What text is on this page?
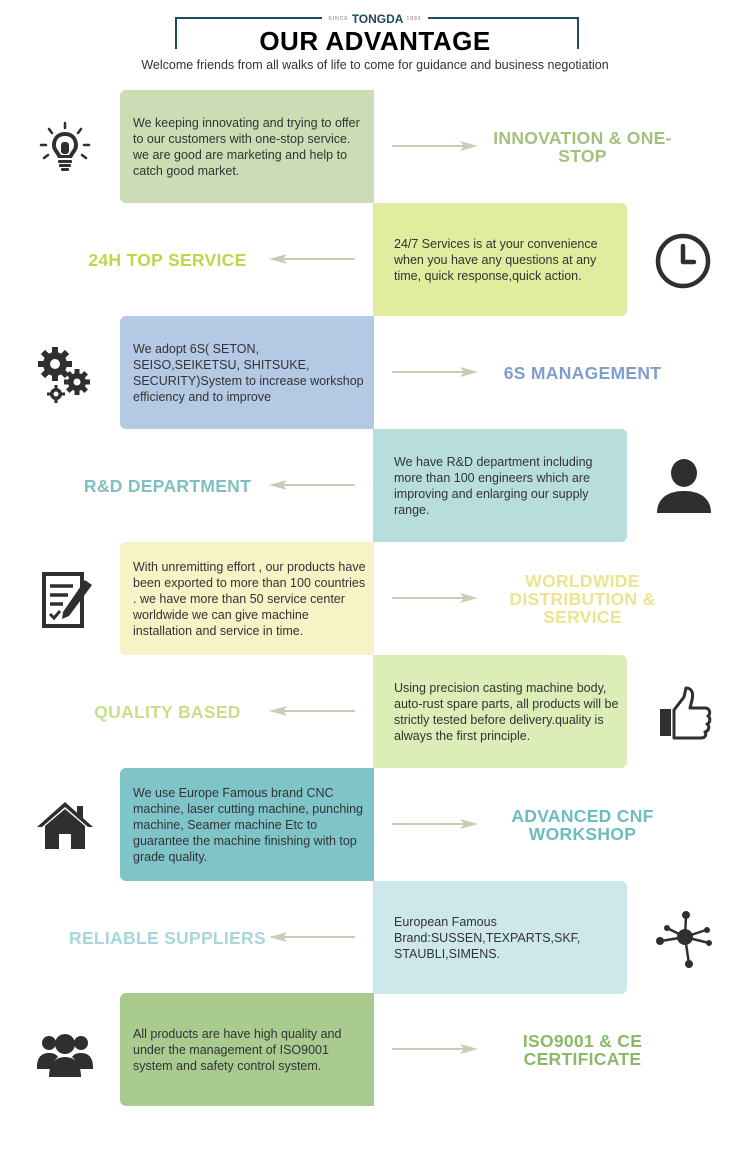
SINCE TONGDA 1992
OUR ADVANTAGE
Welcome friends from all walks of life to come for guidance and business negotiation
We keeping innovating and trying to offer to our customers with one-stop service. we are good are marketing and help to catch good market.
INNOVATION & ONE-STOP
24H TOP SERVICE
24/7 Services is at your convenience when you have any questions at any time, quick response,quick action.
We adopt 6S( SETON, SEISO,SEIKETSU, SHITSUKE, SECURITY)System to increase workshop efficiency and to improve
6S MANAGEMENT
R&D DEPARTMENT
We have R&D department including more than 100 engineers which are improving and enlarging our supply range.
With unremitting effort , our products have been exported to more than 100 countries . we have more than 50 service center worldwide we can give machine installation and service in time.
WORLDWIDE DISTRIBUTION & SERVICE
QUALITY BASED
Using precision casting machine body, auto-rust spare parts, all products will be strictly tested before delivery.quality is always the first principle.
We use Europe Famous brand CNC machine, laser cutting machine, punching machine, Seamer machine Etc to guarantee the machine finishing with top grade quality.
ADVANCED CNF WORKSHOP
RELIABLE SUPPLIERS
European Famous Brand:SUSSEN,TEXPARTS,SKF, STAUBLI,SIMENS.
All products are have high quality and under the management of ISO9001 system and safety control system.
ISO9001 & CE CERTIFICATE
